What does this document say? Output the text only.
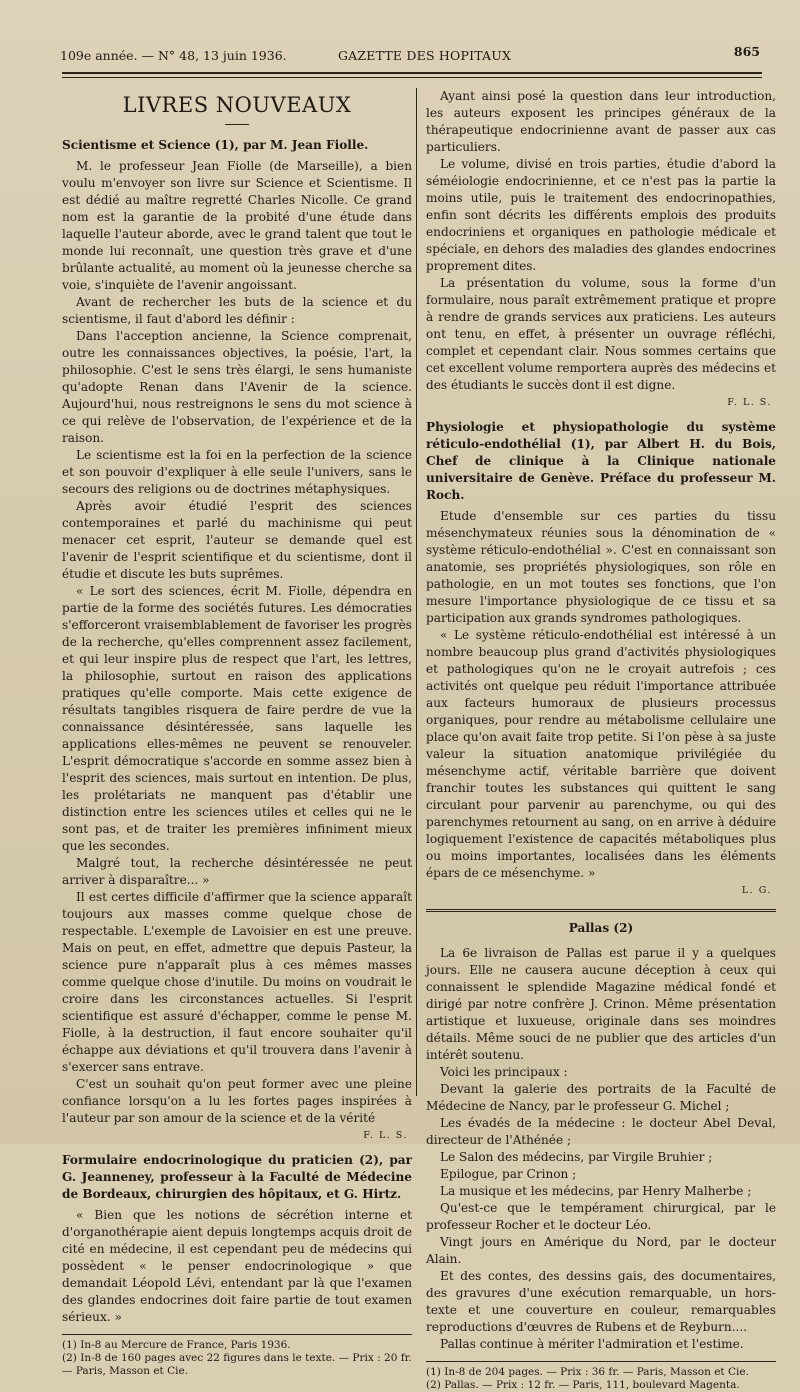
109e année. — N° 48, 13 juin 1936.	GAZETTE DES HOPITAUX	865
LIVRES NOUVEAUX

Scientisme et Science (1), par M. Jean Fiolle.

M. le professeur Jean Fiolle (de Marseille), a bien voulu m'envoyer son livre sur Science et Scientisme. Il est dédié au maître regretté Charles Nicolle. Ce grand nom est la garantie de la probité d'une étude dans laquelle l'auteur aborde, avec le grand talent que tout le monde lui reconnaît, une question très grave et d'une brûlante actualité, au moment où la jeunesse cherche sa voie, s'inquiète de l'avenir angoissant.

Avant de rechercher les buts de la science et du scientisme, il faut d'abord les définir :

Dans l'acception ancienne, la Science comprenait, outre les connaissances objectives, la poésie, l'art, la philosophie. C'est le sens très élargi, le sens humaniste qu'adopte Renan dans l'Avenir de la science. Aujourd'hui, nous restreignons le sens du mot science à ce qui relève de l'observation, de l'expérience et de la raison.

Le scientisme est la foi en la perfection de la science et son pouvoir d'expliquer à elle seule l'univers, sans le secours des religions ou de doctrines métaphysiques.

Après avoir étudié l'esprit des sciences contemporaines et parlé du machinisme qui peut menacer cet esprit, l'auteur se demande quel est l'avenir de l'esprit scientifique et du scientisme, dont il étudie et discute les buts suprêmes.

« Le sort des sciences, écrit M. Fiolle, dépendra en partie de la forme des sociétés futures. Les démocraties s'efforceront vraisemblablement de favoriser les progrès de la recherche, qu'elles comprennent assez facilement, et qui leur inspire plus de respect que l'art, les lettres, la philosophie, surtout en raison des applications pratiques qu'elle comporte. Mais cette exigence de résultats tangibles risquera de faire perdre de vue la connaissance désintéressée, sans laquelle les applications elles-mêmes ne peuvent se renouveler. L'esprit démocratique s'accorde en somme assez bien à l'esprit des sciences, mais surtout en intention. De plus, les prolétariats ne manquent pas d'établir une distinction entre les sciences utiles et celles qui ne le sont pas, et de traiter les premières infiniment mieux que les secondes.

Malgré tout, la recherche désintéressée ne peut arriver à disparaître... »

Il est certes difficile d'affirmer que la science apparaît toujours aux masses comme quelque chose de respectable. L'exemple de Lavoisier en est une preuve. Mais on peut, en effet, admettre que depuis Pasteur, la science pure n'apparaît plus à ces mêmes masses comme quelque chose d'inutile. Du moins on voudrait le croire dans les circonstances actuelles. Si l'esprit scientifique est assuré d'échapper, comme le pense M. Fiolle, à la destruction, il faut encore souhaiter qu'il échappe aux déviations et qu'il trouvera dans l'avenir à s'exercer sans entrave.

C'est un souhait qu'on peut former avec une pleine confiance lorsqu'on a lu les fortes pages inspirées à l'auteur par son amour de la science et de la vérité

F. L. S.

Formulaire endocrinologique du praticien (2), par G. Jeanneney, professeur à la Faculté de Médecine de Bordeaux, chirurgien des hôpitaux, et G. Hirtz.

« Bien que les notions de sécrétion interne et d'organothérapie aient depuis longtemps acquis droit de cité en médecine, il est cependant peu de médecins qui possèdent « le penser endocrinologique » que demandait Léopold Lévi, entendant par là que l'examen des glandes endocrines doit faire partie de tout examen sérieux. »

(1) In-8 au Mercure de France, Paris 1936.

(2) In-8 de 160 pages avec 22 figures dans le texte. — Prix : 20 fr. — Paris, Masson et Cie.

Ayant ainsi posé la question dans leur introduction, les auteurs exposent les principes généraux de la thérapeutique endocrinienne avant de passer aux cas particuliers.

Le volume, divisé en trois parties, étudie d'abord la séméiologie endocrinienne, et ce n'est pas la partie la moins utile, puis le traitement des endocrinopathies, enfin sont décrits les différents emplois des produits endocriniens et organiques en pathologie médicale et spéciale, en dehors des maladies des glandes endocrines proprement dites.

La présentation du volume, sous la forme d'un formulaire, nous paraît extrêmement pratique et propre à rendre de grands services aux praticiens. Les auteurs ont tenu, en effet, à présenter un ouvrage réfléchi, complet et cependant clair. Nous sommes certains que cet excellent volume remportera auprès des médecins et des étudiants le succès dont il est digne.

F. L. S.

Physiologie et physiopathologie du système réticulo-endothélial (1), par Albert H. du Bois, Chef de clinique à la Clinique nationale universitaire de Genève. Préface du professeur M. Roch.

Etude d'ensemble sur ces parties du tissu mésenchymateux réunies sous la dénomination de « système réticulo-endothélial ». C'est en connaissant son anatomie, ses propriétés physiologiques, son rôle en pathologie, en un mot toutes ses fonctions, que l'on mesure l'importance physiologique de ce tissu et sa participation aux grands syndromes pathologiques.

« Le système réticulo-endothélial est intéressé à un nombre beaucoup plus grand d'activités physiologiques et pathologiques qu'on ne le croyait autrefois ; ces activités ont quelque peu réduit l'importance attribuée aux facteurs humoraux de plusieurs processus organiques, pour rendre au métabolisme cellulaire une place qu'on avait faite trop petite. Si l'on pèse à sa juste valeur la situation anatomique privilégiée du mésenchyme actif, véritable barrière que doivent franchir toutes les substances qui quittent le sang circulant pour parvenir au parenchyme, ou qui des parenchymes retournent au sang, on en arrive à déduire logiquement l'existence de capacités métaboliques plus ou moins importantes, localisées dans les éléments épars de ce mésenchyme. »

L. G.

Pallas (2)

La 6e livraison de Pallas est parue il y a quelques jours. Elle ne causera aucune déception à ceux qui connaissent le splendide Magazine médical fondé et dirigé par notre confrère J. Crinon. Même présentation artistique et luxueuse, originale dans ses moindres détails. Même souci de ne publier que des articles d'un intérêt soutenu.

Voici les principaux :

Devant la galerie des portraits de la Faculté de Médecine de Nancy, par le professeur G. Michel ;

Les évadés de la médecine : le docteur Abel Deval, directeur de l'Athénée ;

Le Salon des médecins, par Virgile Bruhier ;

Epilogue, par Crinon ;

La musique et les médecins, par Henry Malherbe ;

Qu'est-ce que le tempérament chirurgical, par le professeur Rocher et le docteur Léo.

Vingt jours en Amérique du Nord, par le docteur Alain.

Et des contes, des dessins gais, des documentaires, des gravures d'une exécution remarquable, un hors-texte et une couverture en couleur, remarquables reproductions d'œuvres de Rubens et de Reyburn....

Pallas continue à mériter l'admiration et l'estime.

(1) In-8 de 204 pages. — Prix : 36 fr. — Paris, Masson et Cie.

(2) Pallas. — Prix : 12 fr. — Paris, 111, boulevard Magenta.
